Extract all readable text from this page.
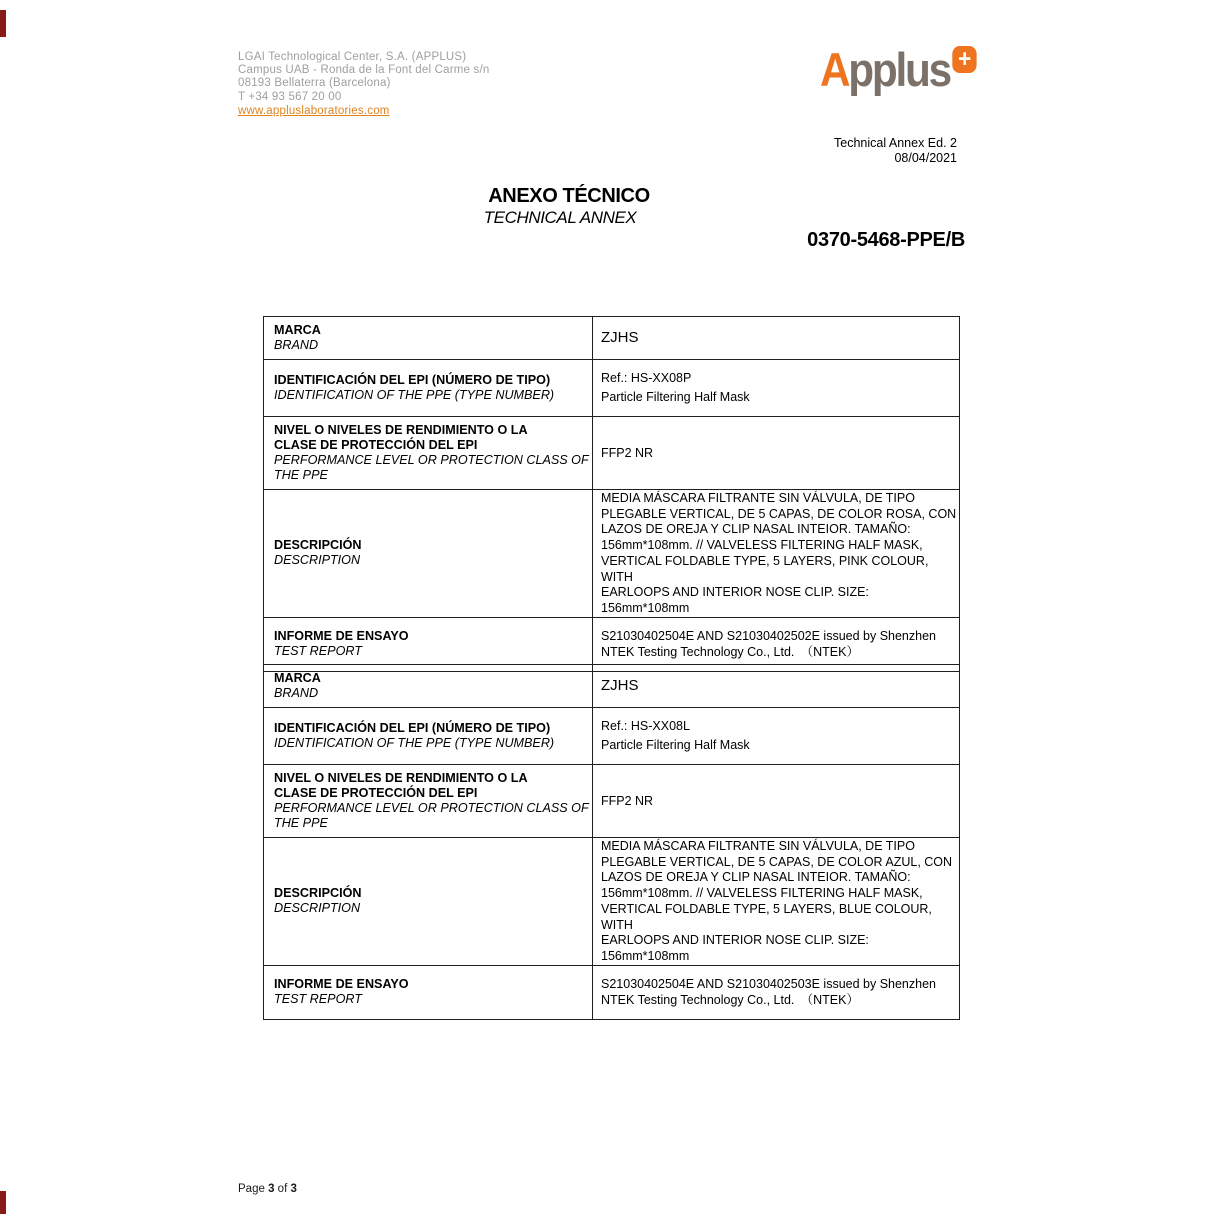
LGAI Technological Center, S.A. (APPLUS)
Campus UAB - Ronda de la Font del Carme s/n
08193 Bellaterra (Barcelona)
T +34 93 567 20 00
www.appluslaboratories.com
Applus +
Technical Annex Ed. 2
08/04/2021
ANEXO TÉCNICO
TECHNICAL ANNEX
0370-5468-PPE/B
MARCA
BRAND	ZJHS
IDENTIFICACIÓN DEL EPI (NÚMERO DE TIPO)
IDENTIFICATION OF THE PPE (TYPE NUMBER)
Ref.: HS-XX08P
Particle Filtering Half Mask
NIVEL O NIVELES DE RENDIMIENTO O LA
CLASE DE PROTECCIÓN DEL EPI
PERFORMANCE LEVEL OR PROTECTION CLASS OF
THE PPE
FFP2 NR
DESCRIPCIÓN
DESCRIPTION
MEDIA MÁSCARA FILTRANTE SIN VÁLVULA, DE TIPO
PLEGABLE VERTICAL, DE 5 CAPAS, DE COLOR ROSA, CON
LAZOS DE OREJA Y CLIP NASAL INTEIOR. TAMAÑO:
156mm*108mm. // VALVELESS FILTERING HALF MASK,
VERTICAL FOLDABLE TYPE, 5 LAYERS, PINK COLOUR, WITH
EARLOOPS AND INTERIOR NOSE CLIP. SIZE: 156mm*108mm
INFORME DE ENSAYO
TEST REPORT
S21030402504E AND S21030402502E issued by Shenzhen
NTEK Testing Technology Co., Ltd.　（NTEK）
MARCA
BRAND	ZJHS
IDENTIFICACIÓN DEL EPI (NÚMERO DE TIPO)
IDENTIFICATION OF THE PPE (TYPE NUMBER)
Ref.: HS-XX08L
Particle Filtering Half Mask
NIVEL O NIVELES DE RENDIMIENTO O LA
CLASE DE PROTECCIÓN DEL EPI
PERFORMANCE LEVEL OR PROTECTION CLASS OF
THE PPE
FFP2 NR
DESCRIPCIÓN
DESCRIPTION
MEDIA MÁSCARA FILTRANTE SIN VÁLVULA, DE TIPO
PLEGABLE VERTICAL, DE 5 CAPAS, DE COLOR AZUL, CON
LAZOS DE OREJA Y CLIP NASAL INTEIOR. TAMAÑO:
156mm*108mm. // VALVELESS FILTERING HALF MASK,
VERTICAL FOLDABLE TYPE, 5 LAYERS, BLUE COLOUR, WITH
EARLOOPS AND INTERIOR NOSE CLIP. SIZE: 156mm*108mm
INFORME DE ENSAYO
TEST REPORT
S21030402504E AND S21030402503E issued by Shenzhen
NTEK Testing Technology Co., Ltd.　（NTEK）
Page 3 of 3
